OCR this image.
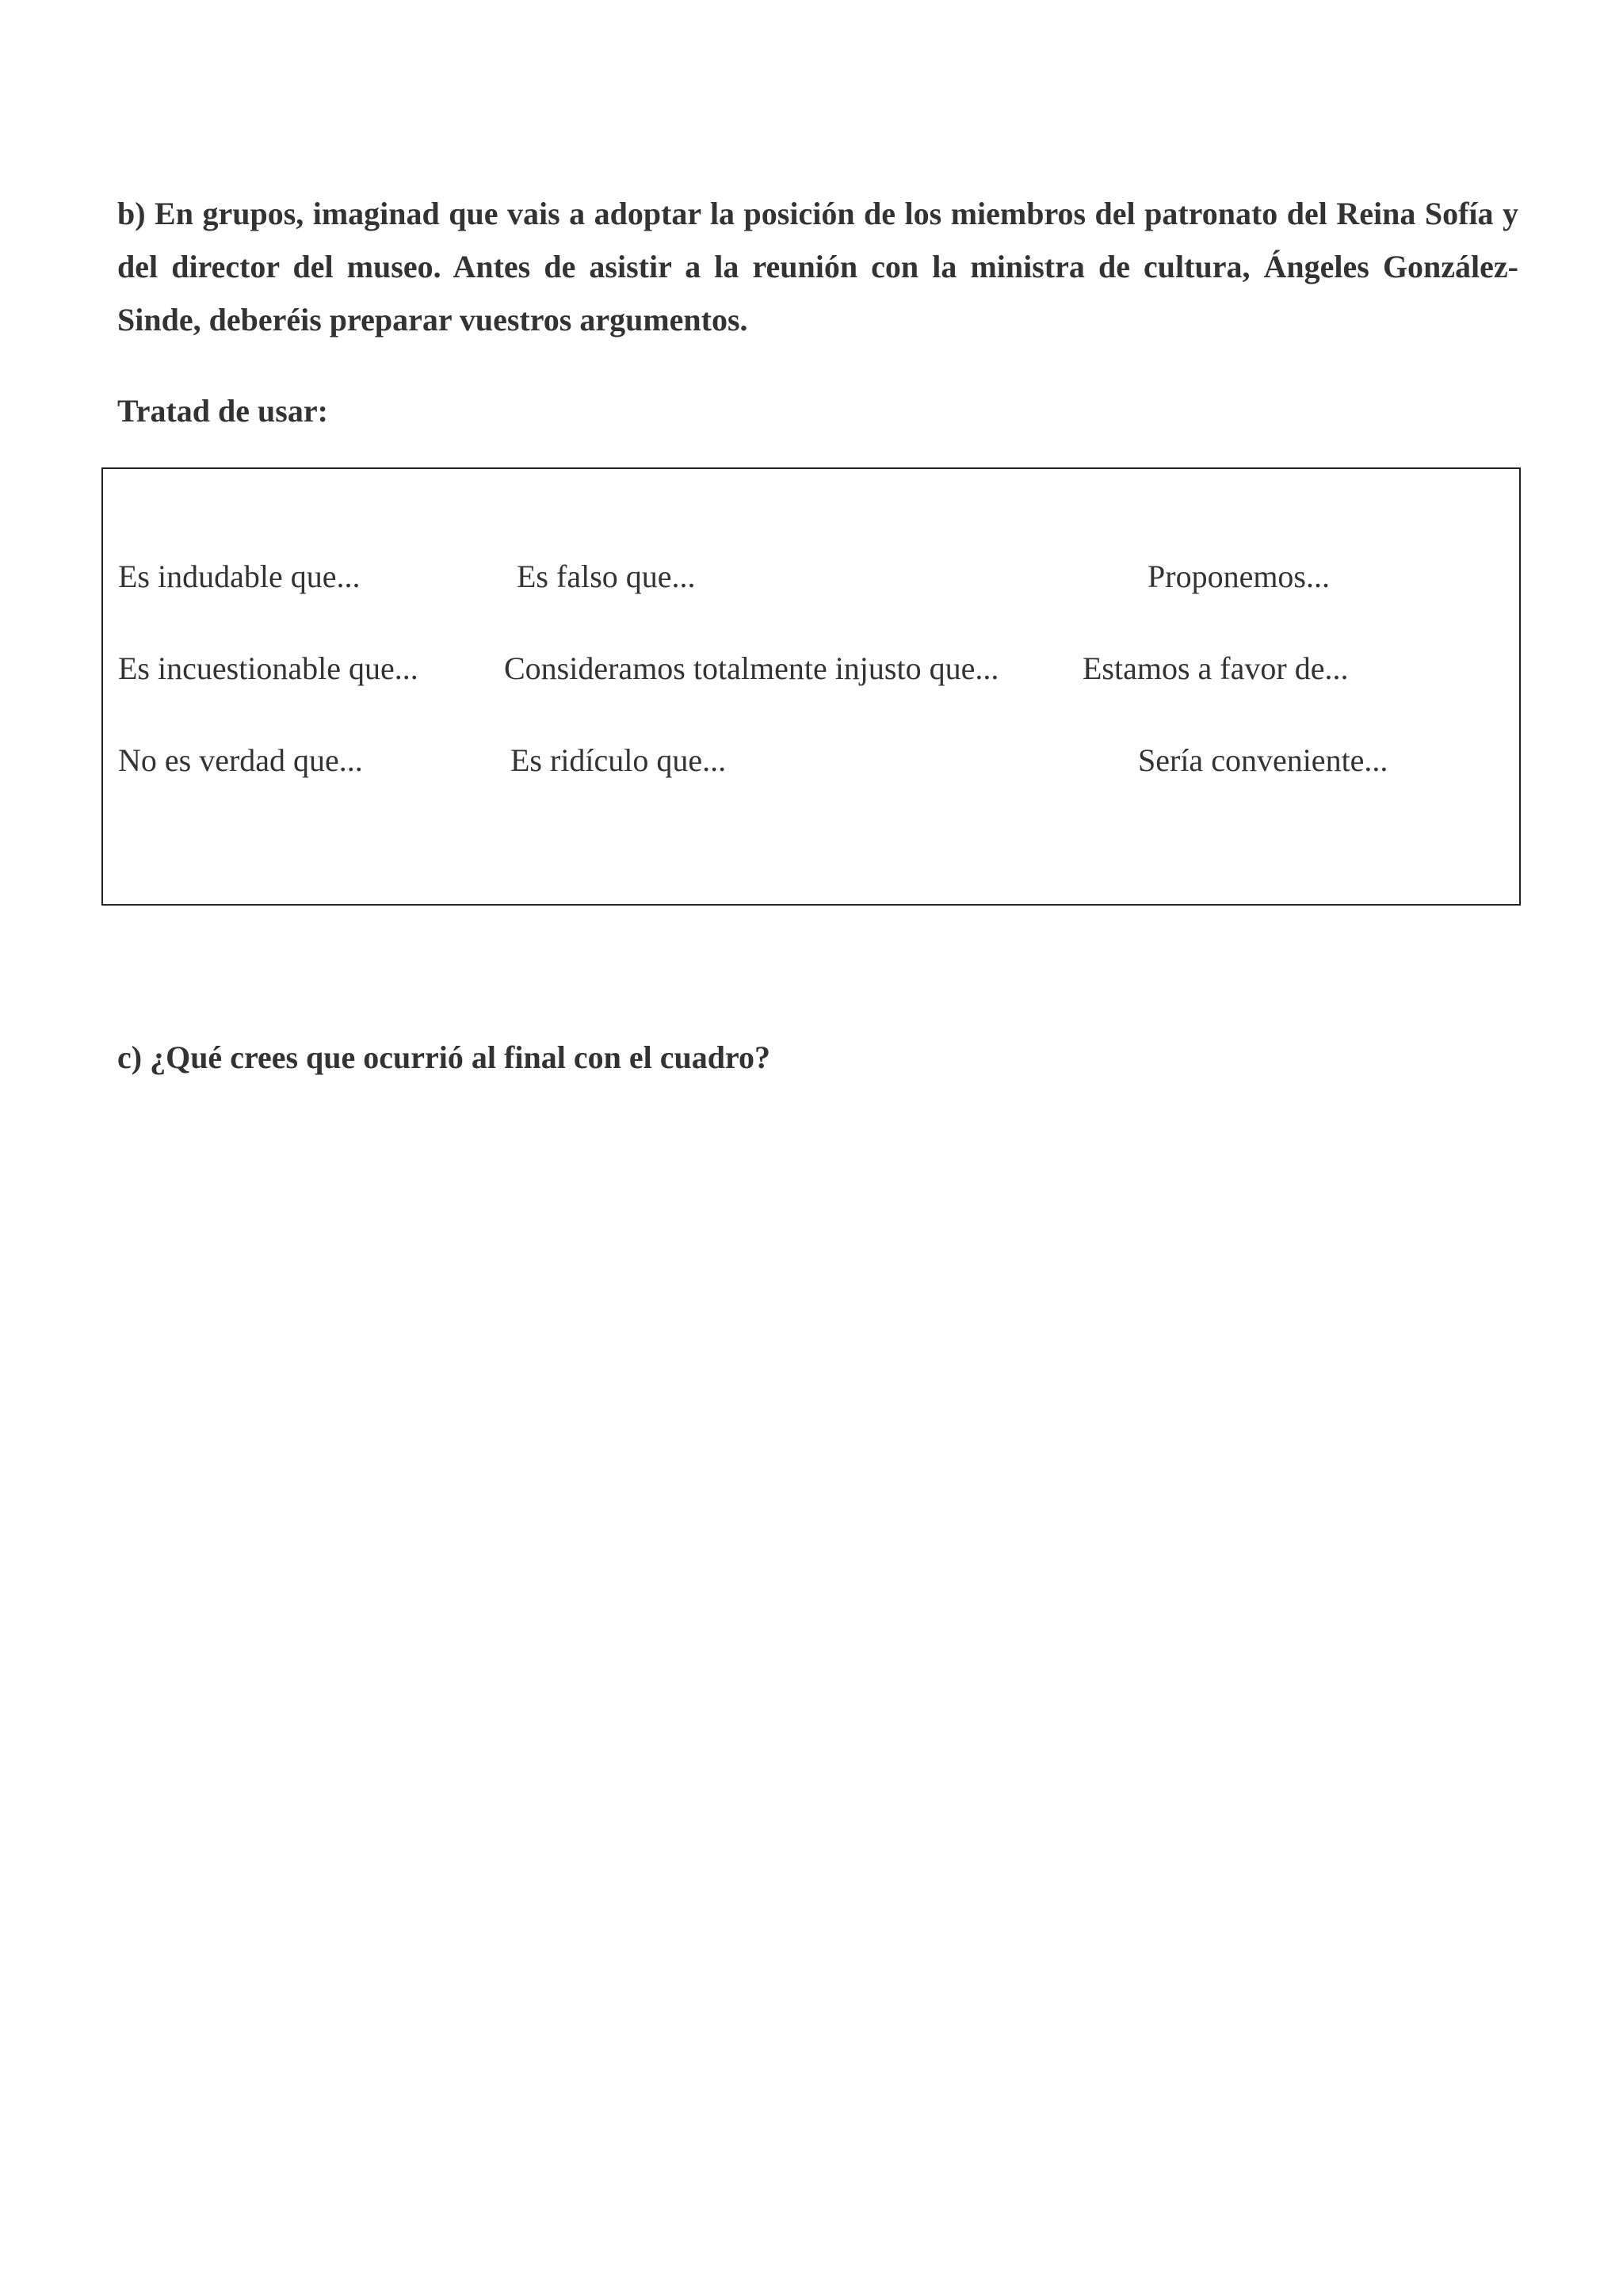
b) En grupos, imaginad que vais a adoptar la posición de los miembros del patronato del Reina Sofía y del director del museo. Antes de asistir a la reunión con la ministra de cultura, Ángeles González- Sinde, deberéis preparar vuestros argumentos.

Tratad de usar:

Es indudable que...	Es falso que...	Proponemos...
Es incuestionable que...	Consideramos totalmente injusto que...	Estamos a favor de...
No es verdad que...	Es ridículo que...	Sería conveniente...

c) ¿Qué crees que ocurrió al final con el cuadro?
